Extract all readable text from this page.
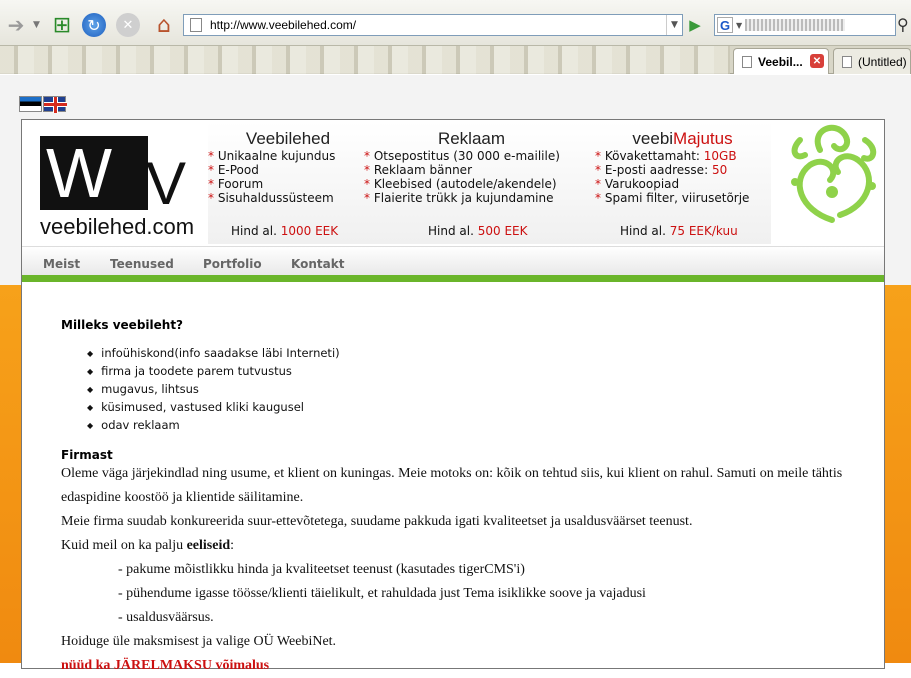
➔ ▼ ⊞	↻	✕	⌂	http://www.veebilehed.com/	▼ ▶	G ▼	⚲
Veebil... ✕	(Untitled)
W V
veebilehed.com
Veebilehed
* Unikaalne kujundus
* E-Pood
* Foorum
* Sisuhaldussüsteem
Reklaam
* Otsepostitus (30 000 e-mailile)
* Reklaam bänner
* Kleebised (autodele/akendele)
* Flaierite trükk ja kujundamine
veebiMajutus
* Kövakettamaht: 10GB
* E-posti aadresse: 50
* Varukoopiad
* Spami filter, viirusetõrje
Hind al. 1000 EEK	Hind al. 500 EEK	Hind al. 75 EEK/kuu
Meist Teenused Portfolio Kontakt
Milleks veebileht?
◆ infoühiskond(info saadakse läbi Interneti)
◆ firma ja toodete parem tutvustus
◆ mugavus, lihtsus
◆ küsimused, vastused kliki kaugusel
◆ odav reklaam
Firmast
Oleme väga järjekindlad ning usume, et klient on kuningas. Meie motoks on: kõik on tehtud siis, kui klient on rahul. Samuti on meile tähtis edaspidine koostöö ja klientide säilitamine.
Meie firma suudab konkureerida suur-ettevõtetega, suudame pakkuda igati kvaliteetset ja usaldusväärset teenust.
Kuid meil on ka palju eeliseid:
- pakume mõistlikku hinda ja kvaliteetset teenust (kasutades tigerCMS'i)
- pühendume igasse töösse/klienti täielikult, et rahuldada just Tema isiklikke soove ja vajadusi
- usaldusväärsus.
Hoiduge üle maksmisest ja valige OÜ WeebiNet.
nüüd ka JÄRELMAKSU võimalus
